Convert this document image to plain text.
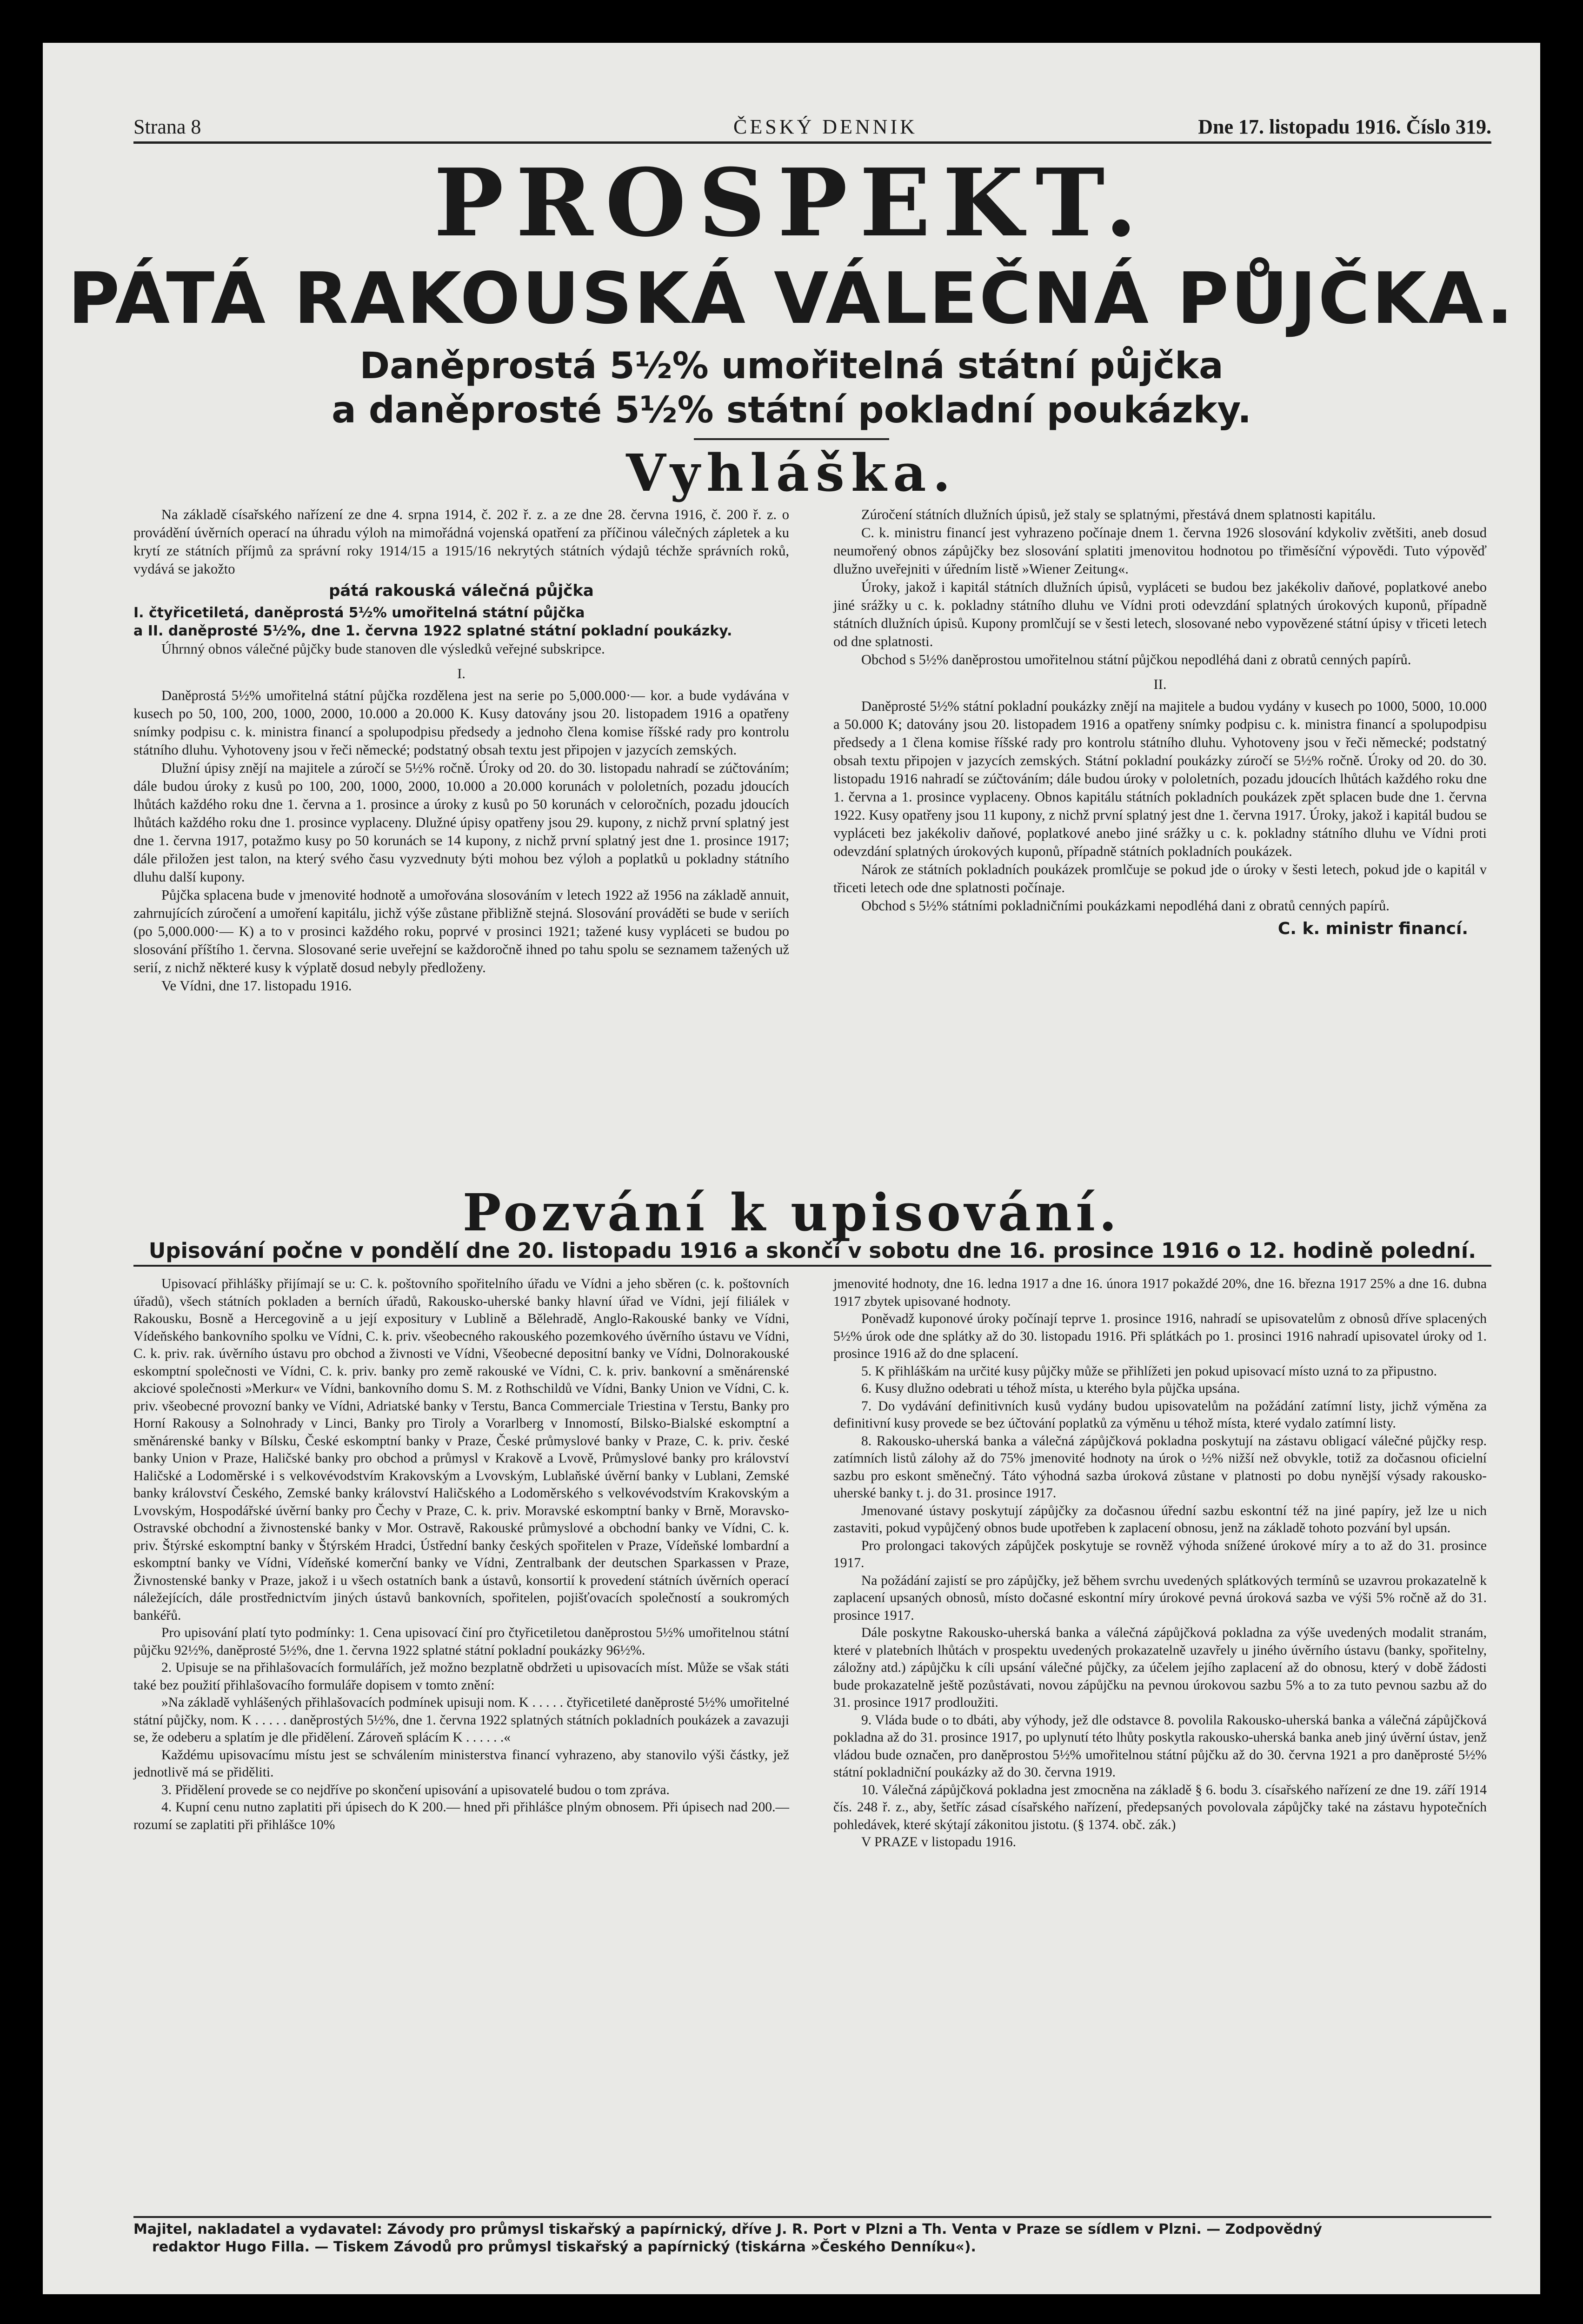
Strana 8	ČESKÝ DENNIK	Dne 17. listopadu 1916. Číslo 319.
PROSPEKT.
PÁTÁ RAKOUSKÁ VÁLEČNÁ PŮJČKA.
Daněprostá 5½% umořitelná státní půjčka
a daněprosté 5½% státní pokladní poukázky.
Vyhláška.

Na základě císařského nařízení ze dne 4. srpna 1914, č. 202 ř. z. a ze dne 28. června 1916, č. 200 ř. z. o provádění úvěrních operací na úhradu výloh na mimořádná vojenská opatření za příčinou válečných zápletek a ku krytí ze státních příjmů za správní roky 1914/15 a 1915/16 nekrytých státních výdajů téchže správních roků, vydává se jakožto

pátá rakouská válečná půjčka

I. čtyřicetiletá, daněprostá 5½% umořitelná státní půjčka

a II. daněprosté 5½%, dne 1. června 1922 splatné státní pokladní poukázky.

Úhrnný obnos válečné půjčky bude stanoven dle výsledků veřejné subskripce.

I.

Daněprostá 5½% umořitelná státní půjčka rozdělena jest na serie po 5,000.000·— kor. a bude vydávána v kusech po 50, 100, 200, 1000, 2000, 10.000 a 20.000 K. Kusy datovány jsou 20. listopadem 1916 a opatřeny snímky podpisu c. k. ministra financí a spolupodpisu předsedy a jednoho člena komise říšské rady pro kontrolu státního dluhu. Vyhotoveny jsou v řeči německé; podstatný obsah textu jest připojen v jazycích zemských.

Dlužní úpisy znějí na majitele a zúročí se 5½% ročně. Úroky od 20. do 30. listopadu nahradí se zúčtováním; dále budou úroky z kusů po 100, 200, 1000, 2000, 10.000 a 20.000 korunách v pololetních, pozadu jdoucích lhůtách každého roku dne 1. června a 1. prosince a úroky z kusů po 50 korunách v celoročních, pozadu jdoucích lhůtách každého roku dne 1. prosince vyplaceny. Dlužné úpisy opatřeny jsou 29. kupony, z nichž první splatný jest dne 1. června 1917, potažmo kusy po 50 korunách se 14 kupony, z nichž první splatný jest dne 1. prosince 1917; dále přiložen jest talon, na který svého času vyzvednuty býti mohou bez výloh a poplatků u pokladny státního dluhu další kupony.

Půjčka splacena bude v jmenovité hodnotě a umořována slosováním v letech 1922 až 1956 na základě annuit, zahrnujících zúročení a umoření kapitálu, jichž výše zůstane přibližně stejná. Slosování prováděti se bude v seriích (po 5,000.000·— K) a to v prosinci každého roku, poprvé v prosinci 1921; tažené kusy vypláceti se budou po slosování příštího 1. června. Slosované serie uveřejní se každoročně ihned po tahu spolu se seznamem tažených už serií, z nichž některé kusy k výplatě dosud nebyly předloženy.

Ve Vídni, dne 17. listopadu 1916.

Zúročení státních dlužních úpisů, jež staly se splatnými, přestává dnem splatnosti kapitálu.

C. k. ministru financí jest vyhrazeno počínaje dnem 1. června 1926 slosování kdykoliv zvětšiti, aneb dosud neumořený obnos zápůjčky bez slosování splatiti jmenovitou hodnotou po třiměsíční výpovědi. Tuto výpověď dlužno uveřejniti v úředním listě »Wiener Zeitung«.

Úroky, jakož i kapitál státních dlužních úpisů, vypláceti se budou bez jakékoliv daňové, poplatkové anebo jiné srážky u c. k. pokladny státního dluhu ve Vídni proti odevzdání splatných úrokových kuponů, případně státních dlužních úpisů. Kupony promlčují se v šesti letech, slosované nebo vypovězené státní úpisy v třiceti letech od dne splatnosti.

Obchod s 5½% daněprostou umořitelnou státní půjčkou nepodléhá dani z obratů cenných papírů.

II.

Daněprosté 5½% státní pokladní poukázky znějí na majitele a budou vydány v kusech po 1000, 5000, 10.000 a 50.000 K; datovány jsou 20. listopadem 1916 a opatřeny snímky podpisu c. k. ministra financí a spolupodpisu předsedy a 1 člena komise říšské rady pro kontrolu státního dluhu. Vyhotoveny jsou v řeči německé; podstatný obsah textu připojen v jazycích zemských. Státní pokladní poukázky zúročí se 5½% ročně. Úroky od 20. do 30. listopadu 1916 nahradí se zúčtováním; dále budou úroky v pololetních, pozadu jdoucích lhůtách každého roku dne 1. června a 1. prosince vyplaceny. Obnos kapitálu státních pokladních poukázek zpět splacen bude dne 1. června 1922. Kusy opatřeny jsou 11 kupony, z nichž první splatný jest dne 1. června 1917. Úroky, jakož i kapitál budou se vypláceti bez jakékoliv daňové, poplatkové anebo jiné srážky u c. k. pokladny státního dluhu ve Vídni proti odevzdání splatných úrokových kuponů, případně státních pokladních poukázek.

Nárok ze státních pokladních poukázek promlčuje se pokud jde o úroky v šesti letech, pokud jde o kapitál v třiceti letech ode dne splatnosti počínaje.

Obchod s 5½% státními pokladničními poukázkami nepodléhá dani z obratů cenných papírů.

C. k. ministr financí.
Pozvání k upisování.
Upisování počne v pondělí dne 20. listopadu 1916 a skončí v sobotu dne 16. prosince 1916 o 12. hodině polední.

Upisovací přihlášky přijímají se u: C. k. poštovního spořitelního úřadu ve Vídni a jeho sběren (c. k. poštovních úřadů), všech státních pokladen a berních úřadů, Rakousko-uherské banky hlavní úřad ve Vídni, její filiálek v Rakousku, Bosně a Hercegovině a u její expositury v Lublině a Bělehradě, Anglo-Rakouské banky ve Vídni, Vídeňského bankovního spolku ve Vídni, C. k. priv. všeobecného rakouského pozemkového úvěrního ústavu ve Vídni, C. k. priv. rak. úvěrního ústavu pro obchod a živnosti ve Vídni, Všeobecné depositní banky ve Vídni, Dolnorakouské eskomptní společnosti ve Vídni, C. k. priv. banky pro země rakouské ve Vídni, C. k. priv. bankovní a směnárenské akciové společnosti »Merkur« ve Vídni, bankovního domu S. M. z Rothschildů ve Vídni, Banky Union ve Vídni, C. k. priv. všeobecné provozní banky ve Vídni, Adriatské banky v Terstu, Banca Commerciale Triestina v Terstu, Banky pro Horní Rakousy a Solnohrady v Linci, Banky pro Tiroly a Vorarlberg v Innomostí, Bilsko-Bialské eskomptní a směnárenské banky v Bílsku, České eskomptní banky v Praze, České průmyslové banky v Praze, C. k. priv. české banky Union v Praze, Haličské banky pro obchod a průmysl v Krakově a Lvově, Průmyslové banky pro království Haličské a Lodoměrské i s velkovévodstvím Krakovským a Lvovským, Lublaňské úvěrní banky v Lublani, Zemské banky království Českého, Zemské banky království Haličského a Lodoměrského s velkovévodstvím Krakovským a Lvovským, Hospodářské úvěrní banky pro Čechy v Praze, C. k. priv. Moravské eskomptní banky v Brně, Moravsko-Ostravské obchodní a živnostenské banky v Mor. Ostravě, Rakouské průmyslové a obchodní banky ve Vídni, C. k. priv. Štýrské eskomptní banky v Štýrském Hradci, Ústřední banky českých spořitelen v Praze, Vídeňské lombardní a eskomptní banky ve Vídni, Vídeňské komerční banky ve Vídni, Zentralbank der deutschen Sparkassen v Praze, Živnostenské banky v Praze, jakož i u všech ostatních bank a ústavů, konsortií k provedení státních úvěrních operací náležejících, dále prostřednictvím jiných ústavů bankovních, spořitelen, pojišťovacích společností a soukromých bankéřů.

Pro upisování platí tyto podmínky: 1. Cena upisovací činí pro čtyřicetiletou daněprostou 5½% umořitelnou státní půjčku 92½%, daněprosté 5½%, dne 1. června 1922 splatné státní pokladní poukázky 96½%.

2. Upisuje se na přihlašovacích formulářích, jež možno bezplatně obdržeti u upisovacích míst. Může se však státi také bez použití přihlašovacího formuláře dopisem v tomto znění:

»Na základě vyhlášených přihlašovacích podmínek upisuji nom. K . . . . . čtyřicetileté daněprosté 5½% umořitelné státní půjčky, nom. K . . . . . daněprostých 5½%, dne 1. června 1922 splatných státních pokladních poukázek a zavazuji se, že odeberu a splatím je dle přidělení. Zároveň splácím K . . . . . .«

Každému upisovacímu místu jest se schválením ministerstva financí vyhrazeno, aby stanovilo výši částky, jež jednotlivě má se přiděliti.

3. Přidělení provede se co nejdříve po skončení upisování a upisovatelé budou o tom zpráva.

4. Kupní cenu nutno zaplatiti při úpisech do K 200.— hned při přihlášce plným obnosem. Při úpisech nad 200.— rozumí se zaplatiti při přihlášce 10%

jmenovité hodnoty, dne 16. ledna 1917 a dne 16. února 1917 pokaždé 20%, dne 16. března 1917 25% a dne 16. dubna 1917 zbytek upisované hodnoty.

Poněvadž kuponové úroky počínají teprve 1. prosince 1916, nahradí se upisovatelům z obnosů dříve splacených 5½% úrok ode dne splátky až do 30. listopadu 1916. Při splátkách po 1. prosinci 1916 nahradí upisovatel úroky od 1. prosince 1916 až do dne splacení.

5. K přihláškám na určité kusy půjčky může se přihlížeti jen pokud upisovací místo uzná to za připustno.

6. Kusy dlužno odebrati u téhož místa, u kterého byla půjčka upsána.

7. Do vydávání definitivních kusů vydány budou upisovatelům na požádání zatímní listy, jichž výměna za definitivní kusy provede se bez účtování poplatků za výměnu u téhož místa, které vydalo zatímní listy.

8. Rakousko-uherská banka a válečná zápůjčková pokladna poskytují na zástavu obligací válečné půjčky resp. zatímních listů zálohy až do 75% jmenovité hodnoty na úrok o ½% nižší než obvykle, totiž za dočasnou oficielní sazbu pro eskont směnečný. Táto výhodná sazba úroková zůstane v platnosti po dobu nynější výsady rakousko-uherské banky t. j. do 31. prosince 1917.

Jmenované ústavy poskytují zápůjčky za dočasnou úřední sazbu eskontní též na jiné papíry, jež lze u nich zastaviti, pokud vypůjčený obnos bude upotřeben k zaplacení obnosu, jenž na základě tohoto pozvání byl upsán.

Pro prolongaci takových zápůjček poskytuje se rovněž výhoda snížené úrokové míry a to až do 31. prosince 1917.

Na požádání zajistí se pro zápůjčky, jež během svrchu uvedených splátkových termínů se uzavrou prokazatelně k zaplacení upsaných obnosů, místo dočasné eskontní míry úrokové pevná úroková sazba ve výši 5% ročně až do 31. prosince 1917.

Dále poskytne Rakousko-uherská banka a válečná zápůjčková pokladna za výše uvedených modalit stranám, které v platebních lhůtách v prospektu uvedených prokazatelně uzavřely u jiného úvěrního ústavu (banky, spořitelny, záložny atd.) zápůjčku k cíli upsání válečné půjčky, za účelem jejího zaplacení až do obnosu, který v době žádosti bude prokazatelně ještě pozůstávati, novou zápůjčku na pevnou úrokovou sazbu 5% a to za tuto pevnou sazbu až do 31. prosince 1917 prodloužiti.

9. Vláda bude o to dbáti, aby výhody, jež dle odstavce 8. povolila Rakousko-uherská banka a válečná zápůjčková pokladna až do 31. prosince 1917, po uplynutí této lhůty poskytla rakousko-uherská banka aneb jiný úvěrní ústav, jenž vládou bude označen, pro daněprostou 5½% umořitelnou státní půjčku až do 30. června 1921 a pro daněprosté 5½% státní pokladniční poukázky až do 30. června 1919.

10. Válečná zápůjčková pokladna jest zmocněna na základě § 6. bodu 3. císařského nařízení ze dne 19. září 1914 čís. 248 ř. z., aby, šetříc zásad císařského nařízení, předepsaných povolovala zápůjčky také na zástavu hypotečních pohledávek, které skýtají zákonitou jistotu. (§ 1374. obč. zák.)

V PRAZE v listopadu 1916.

Majitel, nakladatel a vydavatel: Závody pro průmysl tiskařský a papírnický, dříve J. R. Port v Plzni a Th. Venta v Praze se sídlem v Plzni. — Zodpovědný
redaktor Hugo Filla. — Tiskem Závodů pro průmysl tiskařský a papírnický (tiskárna »Českého Denníku«).
